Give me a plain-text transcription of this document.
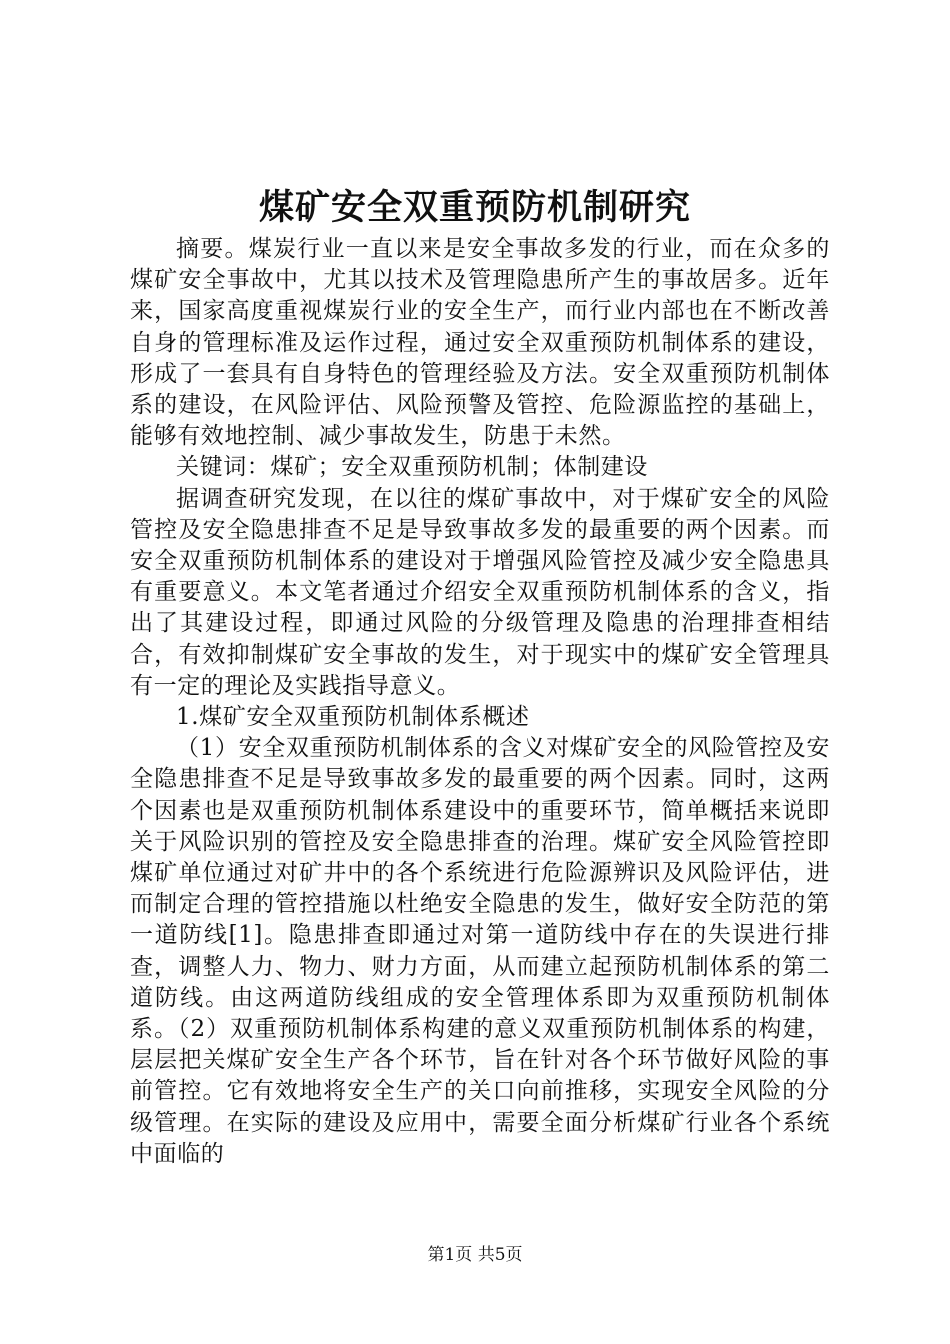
煤矿安全双重预防机制研究

摘要。煤炭行业一直以来是安全事故多发的行业，而在众多的煤矿安全事故中，尤其以技术及管理隐患所产生的事故居多。近年来，国家高度重视煤炭行业的安全生产，而行业内部也在不断改善自身的管理标准及运作过程，通过安全双重预防机制体系的建设，形成了一套具有自身特色的管理经验及方法。安全双重预防机制体系的建设，在风险评估、风险预警及管控、危险源监控的基础上，能够有效地控制、减少事故发生，防患于未然。

关键词：煤矿；安全双重预防机制；体制建设

据调查研究发现，在以往的煤矿事故中，对于煤矿安全的风险管控及安全隐患排查不足是导致事故多发的最重要的两个因素。而安全双重预防机制体系的建设对于增强风险管控及减少安全隐患具有重要意义。本文笔者通过介绍安全双重预防机制体系的含义，指出了其建设过程，即通过风险的分级管理及隐患的治理排查相结合，有效抑制煤矿安全事故的发生，对于现实中的煤矿安全管理具有一定的理论及实践指导意义。

1.煤矿安全双重预防机制体系概述

（1）安全双重预防机制体系的含义对煤矿安全的风险管控及安全隐患排查不足是导致事故多发的最重要的两个因素。同时，这两个因素也是双重预防机制体系建设中的重要环节，简单概括来说即关于风险识别的管控及安全隐患排查的治理。煤矿安全风险管控即煤矿单位通过对矿井中的各个系统进行危险源辨识及风险评估，进而制定合理的管控措施以杜绝安全隐患的发生，做好安全防范的第一道防线[1]。隐患排查即通过对第一道防线中存在的失误进行排查，调整人力、物力、财力方面，从而建立起预防机制体系的第二道防线。由这两道防线组成的安全管理体系即为双重预防机制体系。（2）双重预防机制体系构建的意义双重预防机制体系的构建，层层把关煤矿安全生产各个环节，旨在针对各个环节做好风险的事前管控。它有效地将安全生产的关口向前推移，实现安全风险的分级管理。在实际的建设及应用中，需要全面分析煤矿行业各个系统中面临的

第1页 共5页
